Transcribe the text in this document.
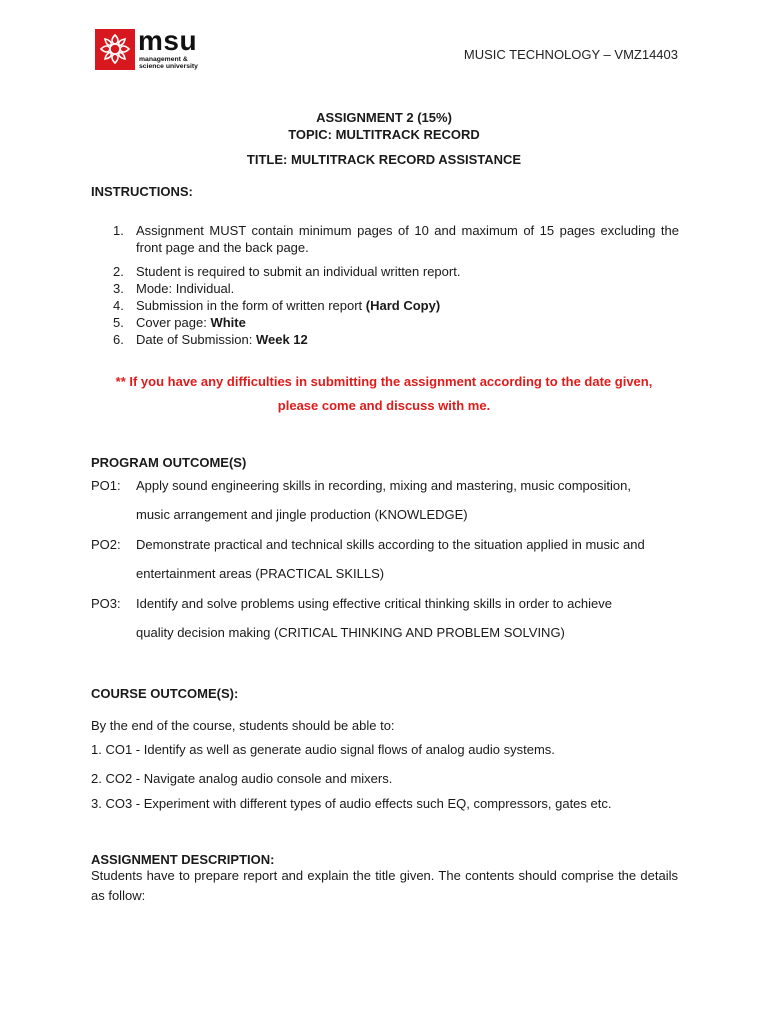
msu
management &
science university
MUSIC TECHNOLOGY – VMZ14403
ASSIGNMENT 2 (15%)
TOPIC: MULTITRACK RECORD
TITLE: MULTITRACK RECORD ASSISTANCE
INSTRUCTIONS:
1. Assignment MUST contain minimum pages of 10 and maximum of 15 pages excluding the front page and the back page.
2. Student is required to submit an individual written report.
3. Mode: Individual.
4. Submission in the form of written report (Hard Copy)
5. Cover page: White
6. Date of Submission: Week 12
** If you have any difficulties in submitting the assignment according to the date given,
please come and discuss with me.
PROGRAM OUTCOME(S)
PO1: Apply sound engineering skills in recording, mixing and mastering, music composition,
music arrangement and jingle production (KNOWLEDGE)
PO2: Demonstrate practical and technical skills according to the situation applied in music and
entertainment areas (PRACTICAL SKILLS)
PO3: Identify and solve problems using effective critical thinking skills in order to achieve
quality decision making (CRITICAL THINKING AND PROBLEM SOLVING)
COURSE OUTCOME(S):
By the end of the course, students should be able to:
1. CO1 - Identify as well as generate audio signal flows of analog audio systems.
2. CO2 - Navigate analog audio console and mixers.
3. CO3 - Experiment with different types of audio effects such EQ, compressors, gates etc.
ASSIGNMENT DESCRIPTION:
Students have to prepare report and explain the title given. The contents should comprise the details as follow:
